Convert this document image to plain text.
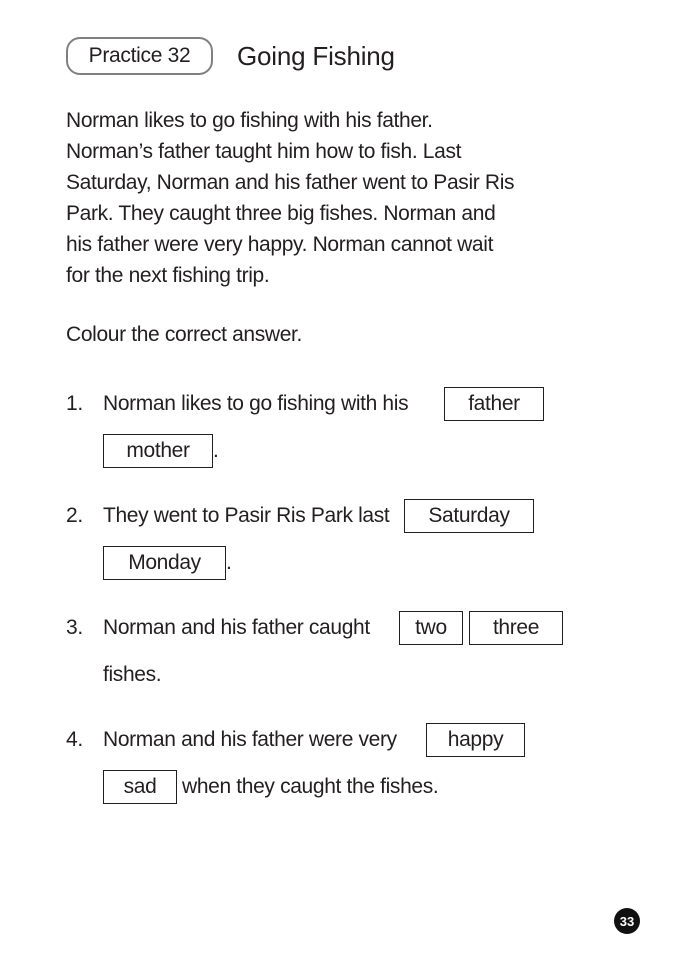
Practice 32	Going Fishing
Norman likes to go fishing with his father.
Norman’s father taught him how to fish. Last
Saturday, Norman and his father went to Pasir Ris
Park. They caught three big fishes. Norman and
his father were very happy. Norman cannot wait
for the next fishing trip.
Colour the correct answer.
1. Norman likes to go fishing with his	father
mother	.
2. They went to Pasir Ris Park last	Saturday
Monday	.
3. Norman and his father caught	two	three
fishes.
4. Norman and his father were very	happy
sad	when they caught the fishes.
33
